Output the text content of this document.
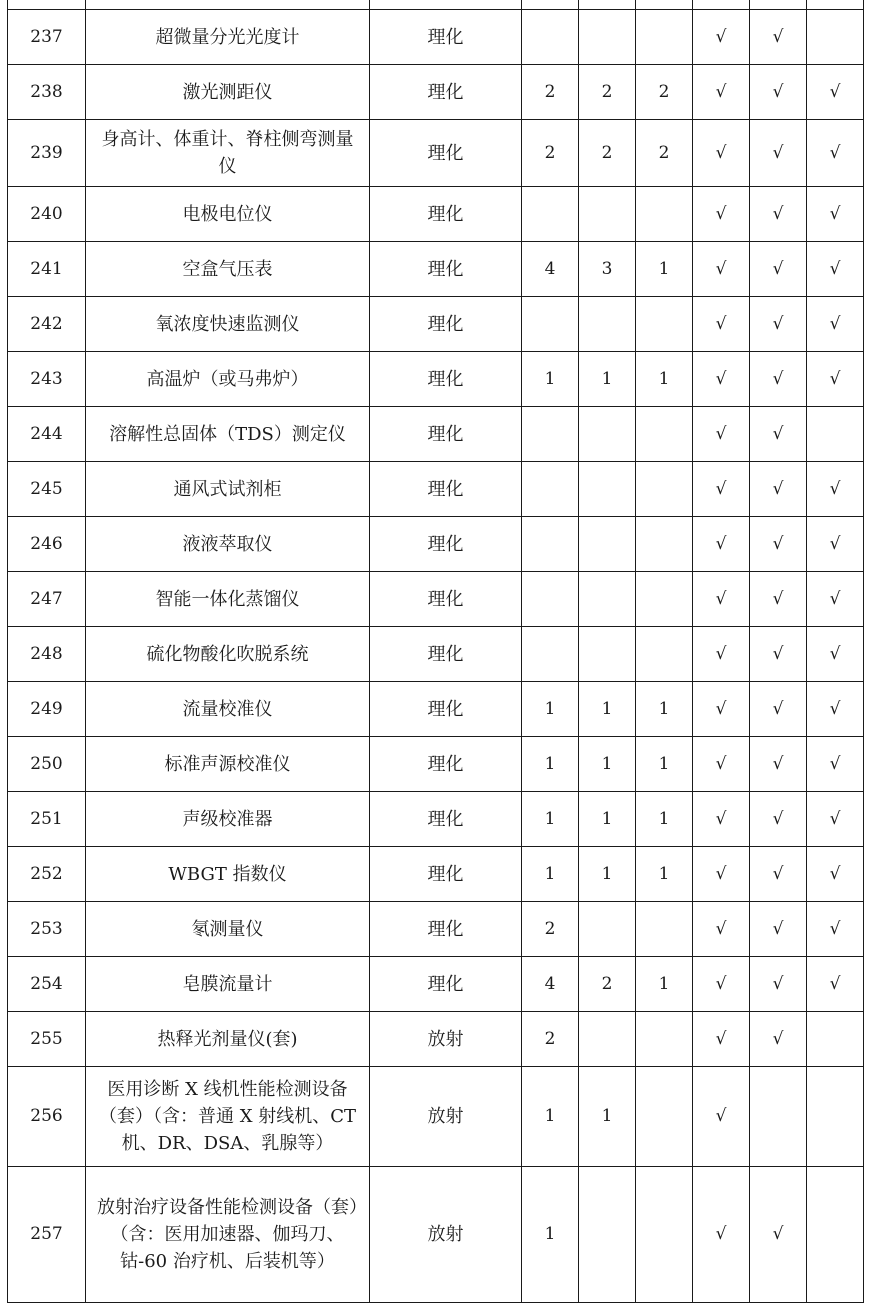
237	超微量分光光度计	理化				√	√	
238	激光测距仪	理化	2	2	2	√	√	√
239	身高计、体重计、脊柱侧弯测量仪	理化	2	2	2	√	√	√
240	电极电位仪	理化				√	√	√
241	空盒气压表	理化	4	3	1	√	√	√
242	氧浓度快速监测仪	理化				√	√	√
243	高温炉（或马弗炉）	理化	1	1	1	√	√	√
244	溶解性总固体（TDS）测定仪	理化				√	√	
245	通风式试剂柜	理化				√	√	√
246	液液萃取仪	理化				√	√	√
247	智能一体化蒸馏仪	理化				√	√	√
248	硫化物酸化吹脱系统	理化				√	√	√
249	流量校准仪	理化	1	1	1	√	√	√
250	标准声源校准仪	理化	1	1	1	√	√	√
251	声级校准器	理化	1	1	1	√	√	√
252	WBGT 指数仪	理化	1	1	1	√	√	√
253	氡测量仪	理化	2			√	√	√
254	皂膜流量计	理化	4	2	1	√	√	√
255	热释光剂量仪(套)	放射	2			√	√	
256	医用诊断 X 线机性能检测设备（套）（含：普通 X 射线机、CT 机、DR、DSA、乳腺等）	放射	1	1		√		
257	放射治疗设备性能检测设备（套）（含：医用加速器、伽玛刀、钴-60 治疗机、后装机等）	放射	1			√	√	
